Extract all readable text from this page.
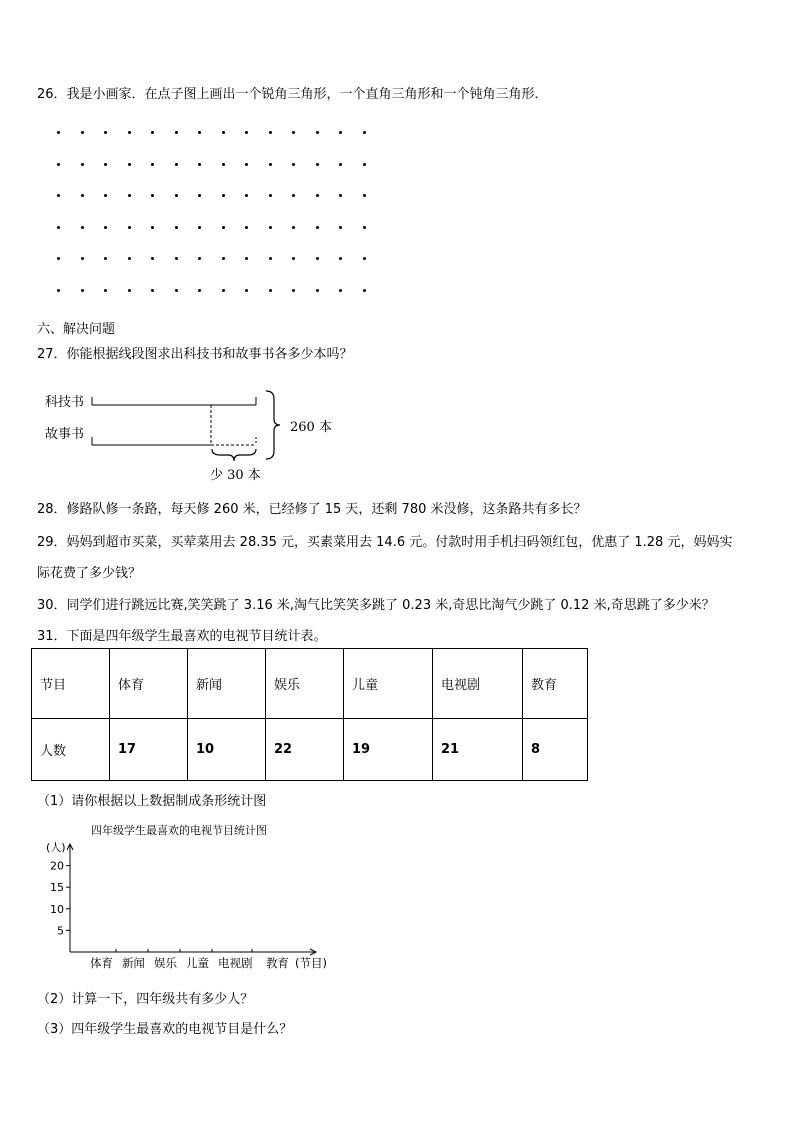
26．我是小画家．在点子图上画出一个锐角三角形，一个直角三角形和一个钝角三角形．
六、解决问题
27．你能根据线段图求出科技书和故事书各多少本吗？
科技书
故事书	260 本
少 30 本
28．修路队修一条路，每天修 260 米，已经修了 15 天，还剩 780 米没修，这条路共有多长？
29．妈妈到超市买菜，买荤菜用去 28.35 元，买素菜用去 14.6 元。付款时用手机扫码领红包，优惠了 1.28 元，妈妈实
际花费了多少钱？
30．同学们进行跳远比赛,笑笑跳了 3.16 米,淘气比笑笑多跳了 0.23 米,奇思比淘气少跳了 0.12 米,奇思跳了多少米？
31．下面是四年级学生最喜欢的电视节目统计表。
节目	体育	新闻	娱乐	儿童	电视剧	教育
人数	17	10	22	19	21	8
（1）请你根据以上数据制成条形统计图
四年级学生最喜欢的电视节目统计图
(人)
5
10
15
20
体育 新闻 娱乐 儿童 电视剧 教育 (节目)
（2）计算一下，四年级共有多少人？
（3）四年级学生最喜欢的电视节目是什么？
